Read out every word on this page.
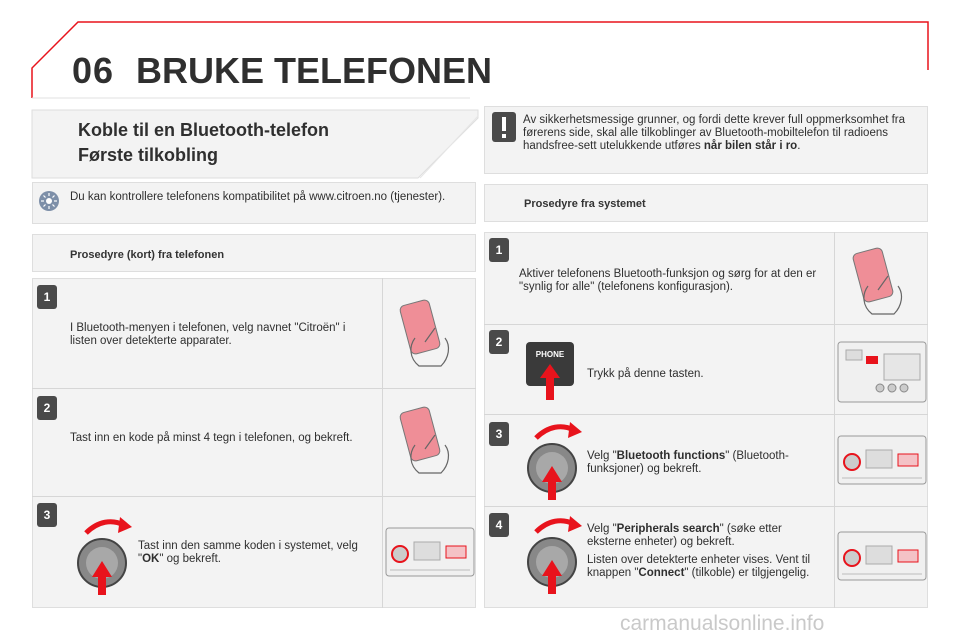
06 BRUKE TELEFONEN
Koble til en Bluetooth-telefon
Første tilkobling
Av sikkerhetsmessige grunner, og fordi dette krever full oppmerksomhet fra førerens side, skal alle tilkoblinger av Bluetooth-mobiltelefon til radioens handsfree-sett utelukkende utføres når bilen står i ro.
Du kan kontrollere telefonens kompatibilitet på www.citroen.no (tjenester).
Prosedyre fra systemet
Prosedyre (kort) fra telefonen
1
I Bluetooth-menyen i telefonen, velg navnet "Citroën" i listen over detekterte apparater.
2
Tast inn en kode på minst 4 tegn i telefonen, og bekreft.
3
Tast inn den samme koden i systemet, velg "OK" og bekreft.
1
Aktiver telefonens Bluetooth-funksjon og sørg for at den er "synlig for alle" (telefonens konfigurasjon).
2
PHONE
Trykk på denne tasten.
3
Velg "Bluetooth functions" (Bluetooth-funksjoner) og bekreft.
4	Velg "Peripherals search" (søke etter eksterne enheter) og bekreft.
Listen over detekterte enheter vises. Vent til knappen "Connect" (tilkoble) er tilgjengelig.
carmanualsonline.info
